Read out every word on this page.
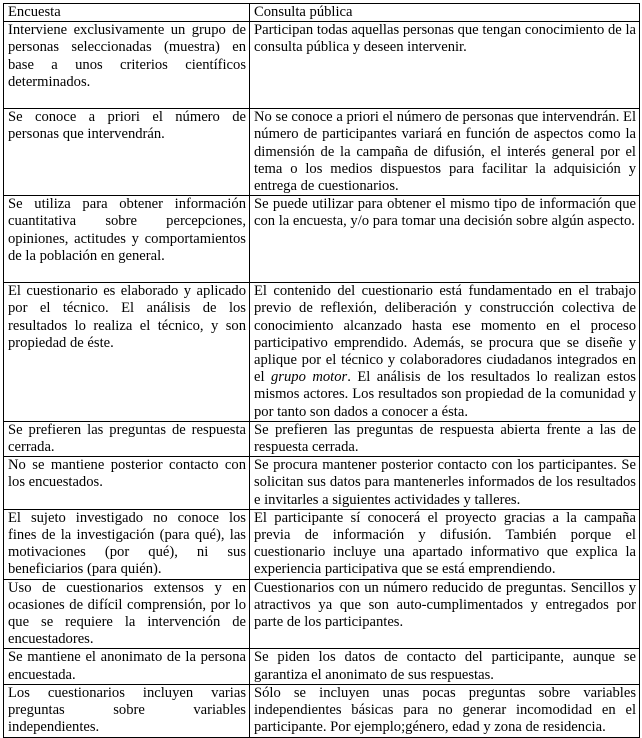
Encuesta	Consulta pública
Interviene exclusivamente un grupo de personas seleccionadas (muestra) en base a unos criterios científicos determinados.	Participan todas aquellas personas que tengan conocimiento de la consulta pública y deseen intervenir.
Se conoce a priori el número de personas que intervendrán.	No se conoce a priori el número de personas que intervendrán. El número de participantes variará en función de aspectos como la dimensión de la campaña de difusión, el interés general por el tema o los medios dispuestos para facilitar la adquisición y entrega de cuestionarios.
Se utiliza para obtener información cuantitativa sobre percepciones, opiniones, actitudes y comportamientos de la población en general.	Se puede utilizar para obtener el mismo tipo de información que con la encuesta, y/o para tomar una decisión sobre algún aspecto.
El cuestionario es elaborado y aplicado por el técnico. El análisis de los resultados lo realiza el técnico, y son propiedad de éste.	El contenido del cuestionario está fundamentado en el trabajo previo de reflexión, deliberación y construcción colectiva de conocimiento alcanzado hasta ese momento en el proceso participativo emprendido. Además, se procura que se diseñe y aplique por el técnico y colaboradores ciudadanos integrados en el grupo motor. El análisis de los resultados lo realizan estos mismos actores. Los resultados son propiedad de la comunidad y por tanto son dados a conocer a ésta.
Se prefieren las preguntas de respuesta cerrada.	Se prefieren las preguntas de respuesta abierta frente a las de respuesta cerrada.
No se mantiene posterior contacto con los encuestados.	Se procura mantener posterior contacto con los participantes. Se solicitan sus datos para mantenerles informados de los resultados e invitarles a siguientes actividades y talleres.
El sujeto investigado no conoce los fines de la investigación (para qué), las motivaciones (por qué), ni sus beneficiarios (para quién).	El participante sí conocerá el proyecto gracias a la campaña previa de información y difusión. También porque el cuestionario incluye una apartado informativo que explica la experiencia participativa que se está emprendiendo.
Uso de cuestionarios extensos y en ocasiones de difícil comprensión, por lo que se requiere la intervención de encuestadores.	Cuestionarios con un número reducido de preguntas. Sencillos y atractivos ya que son auto-cumplimentados y entregados por parte de los participantes.
Se mantiene el anonimato de la persona encuestada.	Se piden los datos de contacto del participante, aunque se garantiza el anonimato de sus respuestas.
Los cuestionarios incluyen varias preguntas sobre variables independientes.	Sólo se incluyen unas pocas preguntas sobre variables independientes básicas para no generar incomodidad en el participante. Por ejemplo;género, edad y zona de residencia.
